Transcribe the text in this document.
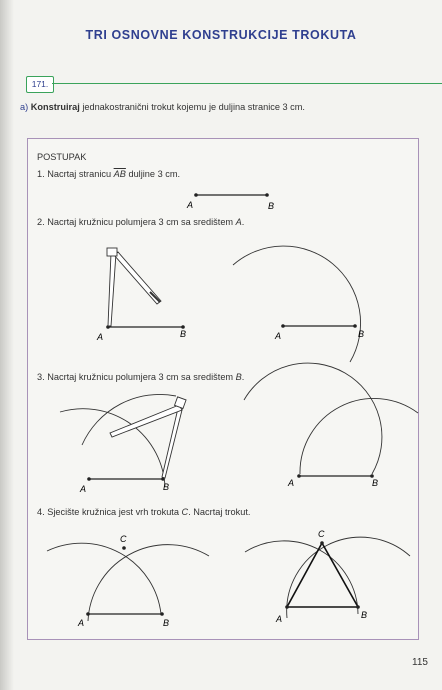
TRI OSNOVNE KONSTRUKCIJE TROKUTA
171.
a) Konstruiraj jednakostranični trokut kojemu je duljina stranice 3 cm.
POSTUPAK
1. Nacrtaj stranicu $\overline{AB}$ duljine 3 cm.
2. Nacrtaj kružnicu polumjera 3 cm sa središtem A.
3. Nacrtaj kružnicu polumjera 3 cm sa središtem B.
4. Sjecište kružnica jest vrh trokuta C. Nacrtaj trokut.
A	B
A	B	A	B
A	B	A	B
C
A	B
C
A	B
115
